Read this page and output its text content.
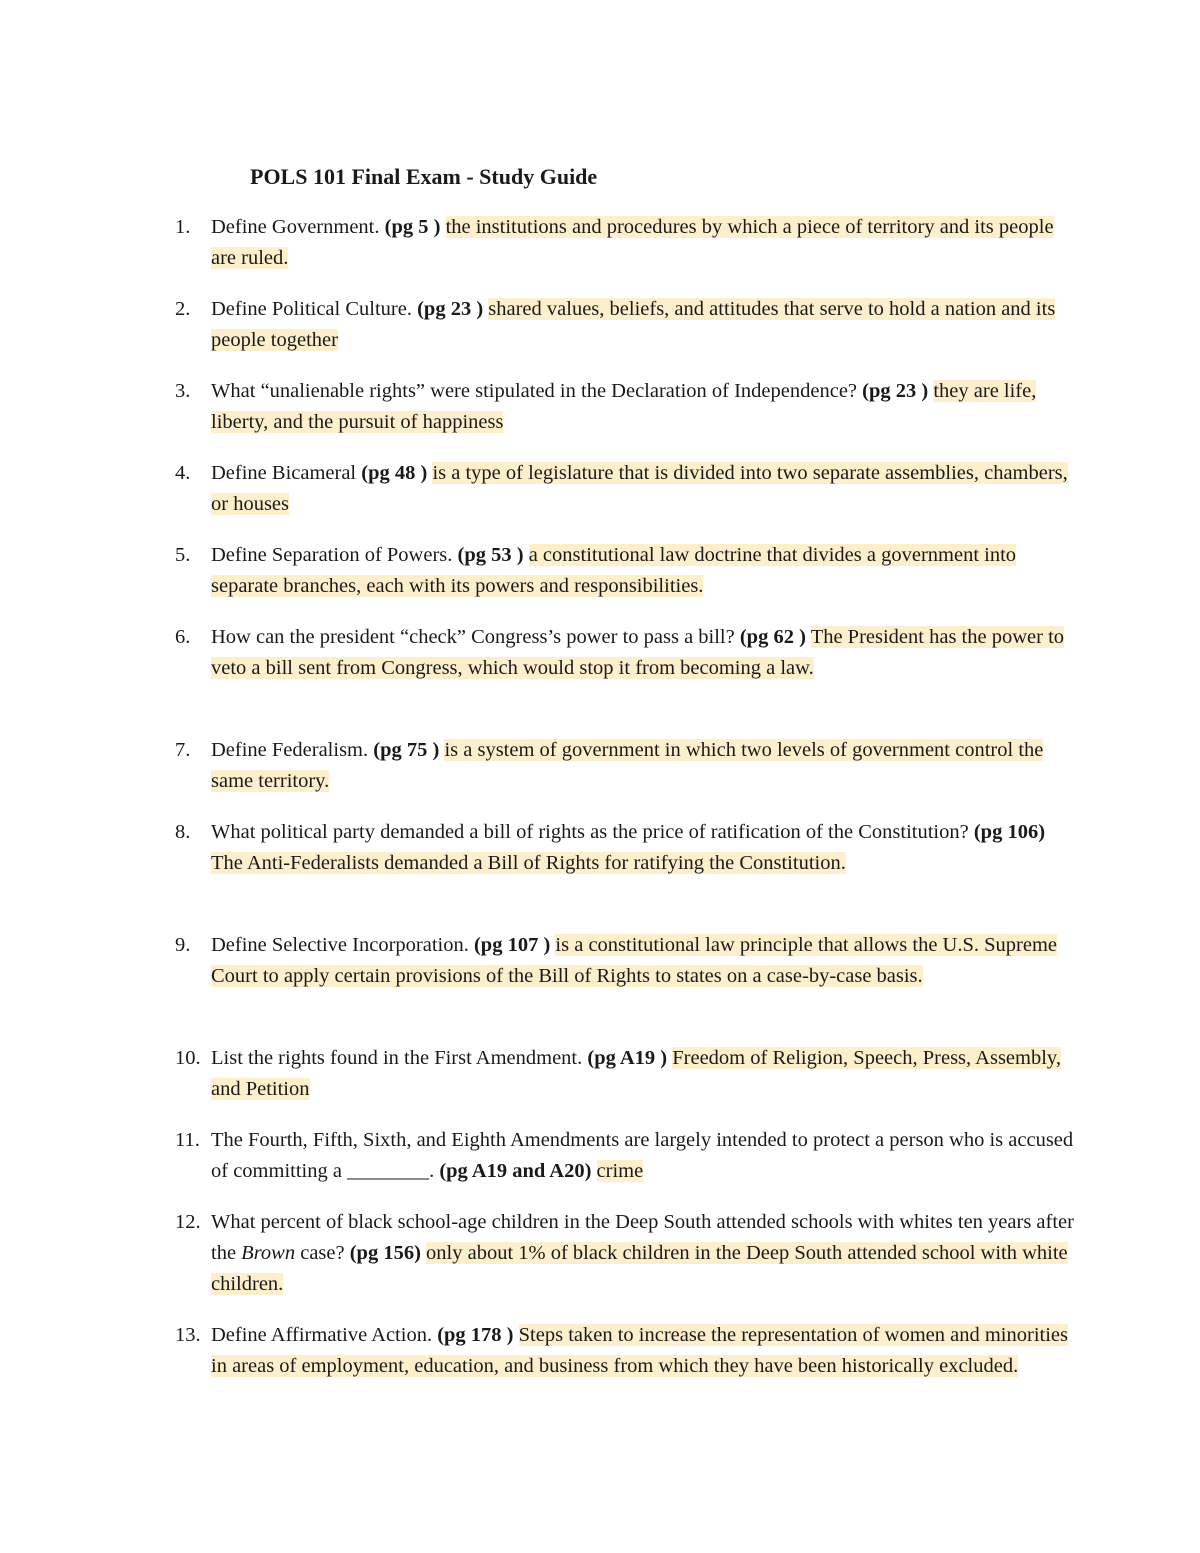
POLS 101 Final Exam - Study Guide
1.	Define Government. (pg 5 ) the institutions and procedures by which a piece of territory and its people are ruled.
2.	Define Political Culture. (pg 23 ) shared values, beliefs, and attitudes that serve to hold a nation and its people together
3.	What “unalienable rights” were stipulated in the Declaration of Independence? (pg 23 ) they are life, liberty, and the pursuit of happiness
4.	Define Bicameral (pg 48 ) is a type of legislature that is divided into two separate assemblies, chambers, or houses
5.	Define Separation of Powers. (pg 53 ) a constitutional law doctrine that divides a government into separate branches, each with its powers and responsibilities.
6.	How can the president “check” Congress’s power to pass a bill? (pg 62 ) The President has the power to veto a bill sent from Congress, which would stop it from becoming a law.
7.	Define Federalism. (pg 75 ) is a system of government in which two levels of government control the same territory.
8.	What political party demanded a bill of rights as the price of ratification of the Constitution? (pg 106) The Anti-Federalists demanded a Bill of Rights for ratifying the Constitution.
9.	Define Selective Incorporation. (pg 107 ) is a constitutional law principle that allows the U.S. Supreme Court to apply certain provisions of the Bill of Rights to states on a case-by-case basis.
10. List the rights found in the First Amendment. (pg A19 ) Freedom of Religion, Speech, Press, Assembly, and Petition
11. The Fourth, Fifth, Sixth, and Eighth Amendments are largely intended to protect a person who is accused of committing a ________. (pg A19 and A20) crime
12. What percent of black school-age children in the Deep South attended schools with whites ten years after the Brown case? (pg 156) only about 1% of black children in the Deep South attended school with white children.
13. Define Affirmative Action. (pg 178 ) Steps taken to increase the representation of women and minorities in areas of employment, education, and business from which they have been historically excluded.
